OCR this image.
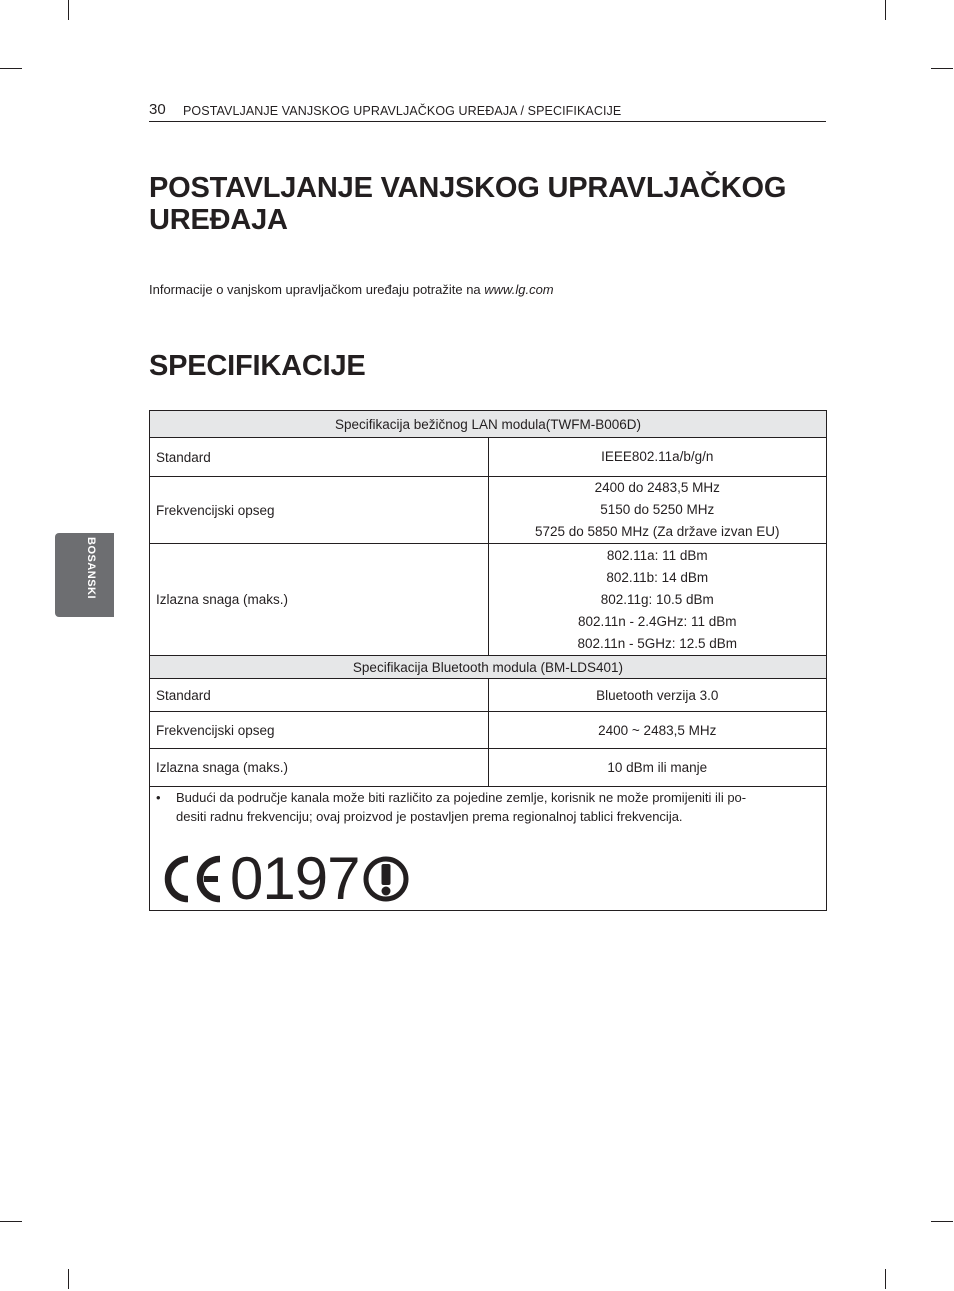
30 POSTAVLJANJE VANJSKOG UPRAVLJAČKOG UREĐAJA / SPECIFIKACIJE
POSTAVLJANJE VANJSKOG UPRAVLJAČKOG
UREĐAJA
Informacije o vanjskom upravljačkom uređaju potražite na www.lg.com
SPECIFIKACIJE
BOSANSKI
Specifikacija bežičnog LAN modula(TWFM-B006D)	
Standard	IEEE802.11a/b/g/n

Frekvencijski opseg	2400 do 2483,5 MHz
5150 do 5250 MHz
5725 do 5850 MHz (Za države izvan EU)

Izlazna snaga (maks.)	802.11a: 11 dBm
802.11b: 14 dBm
802.11g: 10.5 dBm
802.11n - 2.4GHz: 11 dBm
802.11n - 5GHz: 12.5 dBm

Specifikacija Bluetooth modula (BM-LDS401)	
Standard	Bluetooth verzija 3.0
Frekvencijski opseg	2400 ~ 2483,5 MHz
Izlazna snaga (maks.)	10 dBm ili manje

• Budući da područje kanala može biti različito za pojedine zemlje, korisnik ne može promijeniti ili po-
desiti radnu frekvenciju; ovaj proizvod je postavljen prema regionalnoj tablici frekvencija.
0197	
